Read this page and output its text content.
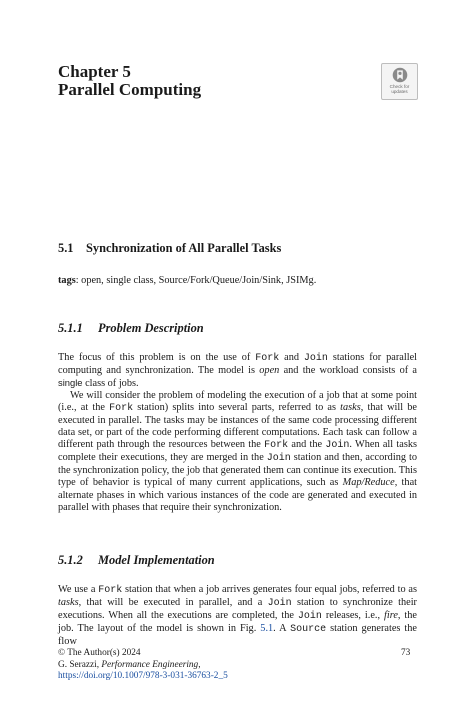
Chapter 5
Parallel Computing	Check for
updates
5.1 Synchronization of All Parallel Tasks
tags: open, single class, Source/Fork/Queue/Join/Sink, JSIMg.
5.1.1 Problem Description

The focus of this problem is on the use of Fork and Join stations for parallel computing and synchronization. The model is open and the workload consists of a single class of jobs.

We will consider the problem of modeling the execution of a job that at some point (i.e., at the Fork station) splits into several parts, referred to as tasks, that will be executed in parallel. The tasks may be instances of the same code processing different data set, or part of the code performing different computations. Each task can follow a different path through the resources between the Fork and the Join. When all tasks complete their executions, they are merged in the Join station and then, according to the synchronization policy, the job that generated them can continue its execution. This type of behavior is typical of many current applications, such as Map/Reduce, that alternate phases in which various instances of the code are generated and executed in parallel with phases that require their synchronization.

5.1.2 Model Implementation

We use a Fork station that when a job arrives generates four equal jobs, referred to as tasks, that will be executed in parallel, and a Join station to synchronize their executions. When all the executions are completed, the Join releases, i.e., fire, the job. The layout of the model is shown in Fig. 5.1. A Source station generates the flow

© The Author(s) 2024
G. Serazzi, Performance Engineering,
https://doi.org/10.1007/978-3-031-36763-2_5
73
